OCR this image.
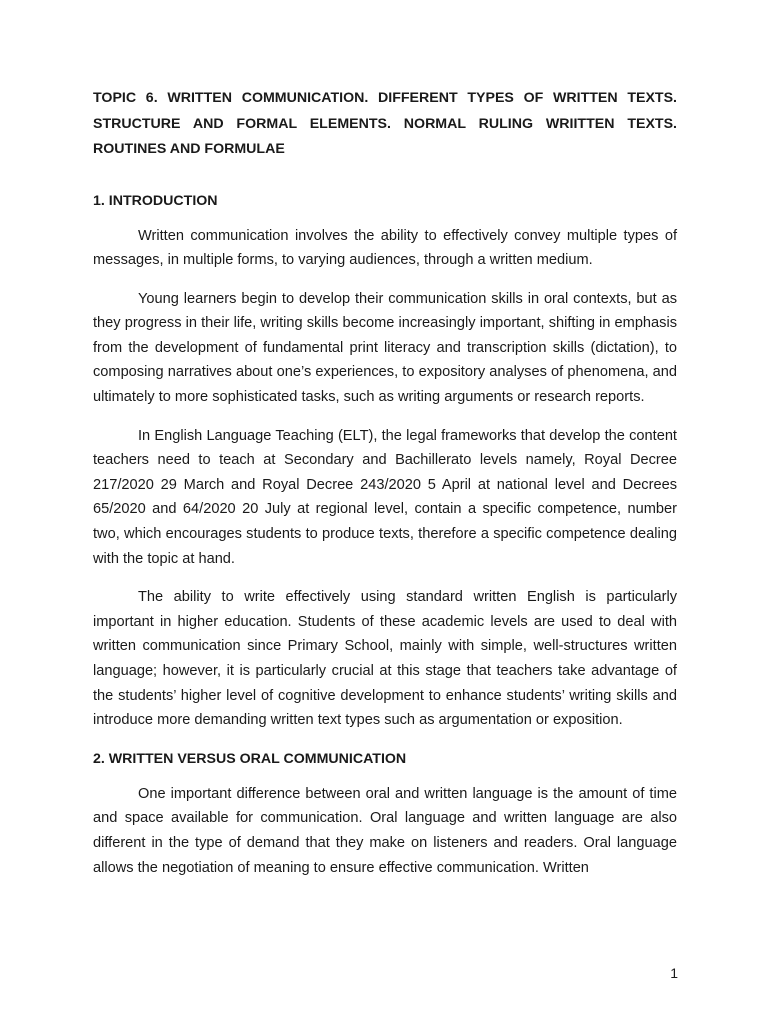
TOPIC 6. WRITTEN COMMUNICATION. DIFFERENT TYPES OF WRITTEN TEXTS. STRUCTURE AND FORMAL ELEMENTS. NORMAL RULING WRIITTEN TEXTS. ROUTINES AND FORMULAE

1. INTRODUCTION

Written communication involves the ability to effectively convey multiple types of messages, in multiple forms, to varying audiences, through a written medium.

Young learners begin to develop their communication skills in oral contexts, but as they progress in their life, writing skills become increasingly important, shifting in emphasis from the development of fundamental print literacy and transcription skills (dictation), to composing narratives about one’s experiences, to expository analyses of phenomena, and ultimately to more sophisticated tasks, such as writing arguments or research reports.

In English Language Teaching (ELT), the legal frameworks that develop the content teachers need to teach at Secondary and Bachillerato levels namely, Royal Decree 217/2020 29 March and Royal Decree 243/2020 5 April at national level and Decrees 65/2020 and 64/2020 20 July at regional level, contain a specific competence, number two, which encourages students to produce texts, therefore a specific competence dealing with the topic at hand.

The ability to write effectively using standard written English is particularly important in higher education. Students of these academic levels are used to deal with written communication since Primary School, mainly with simple, well-structures written language; however, it is particularly crucial at this stage that teachers take advantage of the students’ higher level of cognitive development to enhance students’ writing skills and introduce more demanding written text types such as argumentation or exposition.

2. WRITTEN VERSUS ORAL COMMUNICATION

One important difference between oral and written language is the amount of time and space available for communication. Oral language and written language are also different in the type of demand that they make on listeners and readers. Oral language allows the negotiation of meaning to ensure effective communication. Written

1
